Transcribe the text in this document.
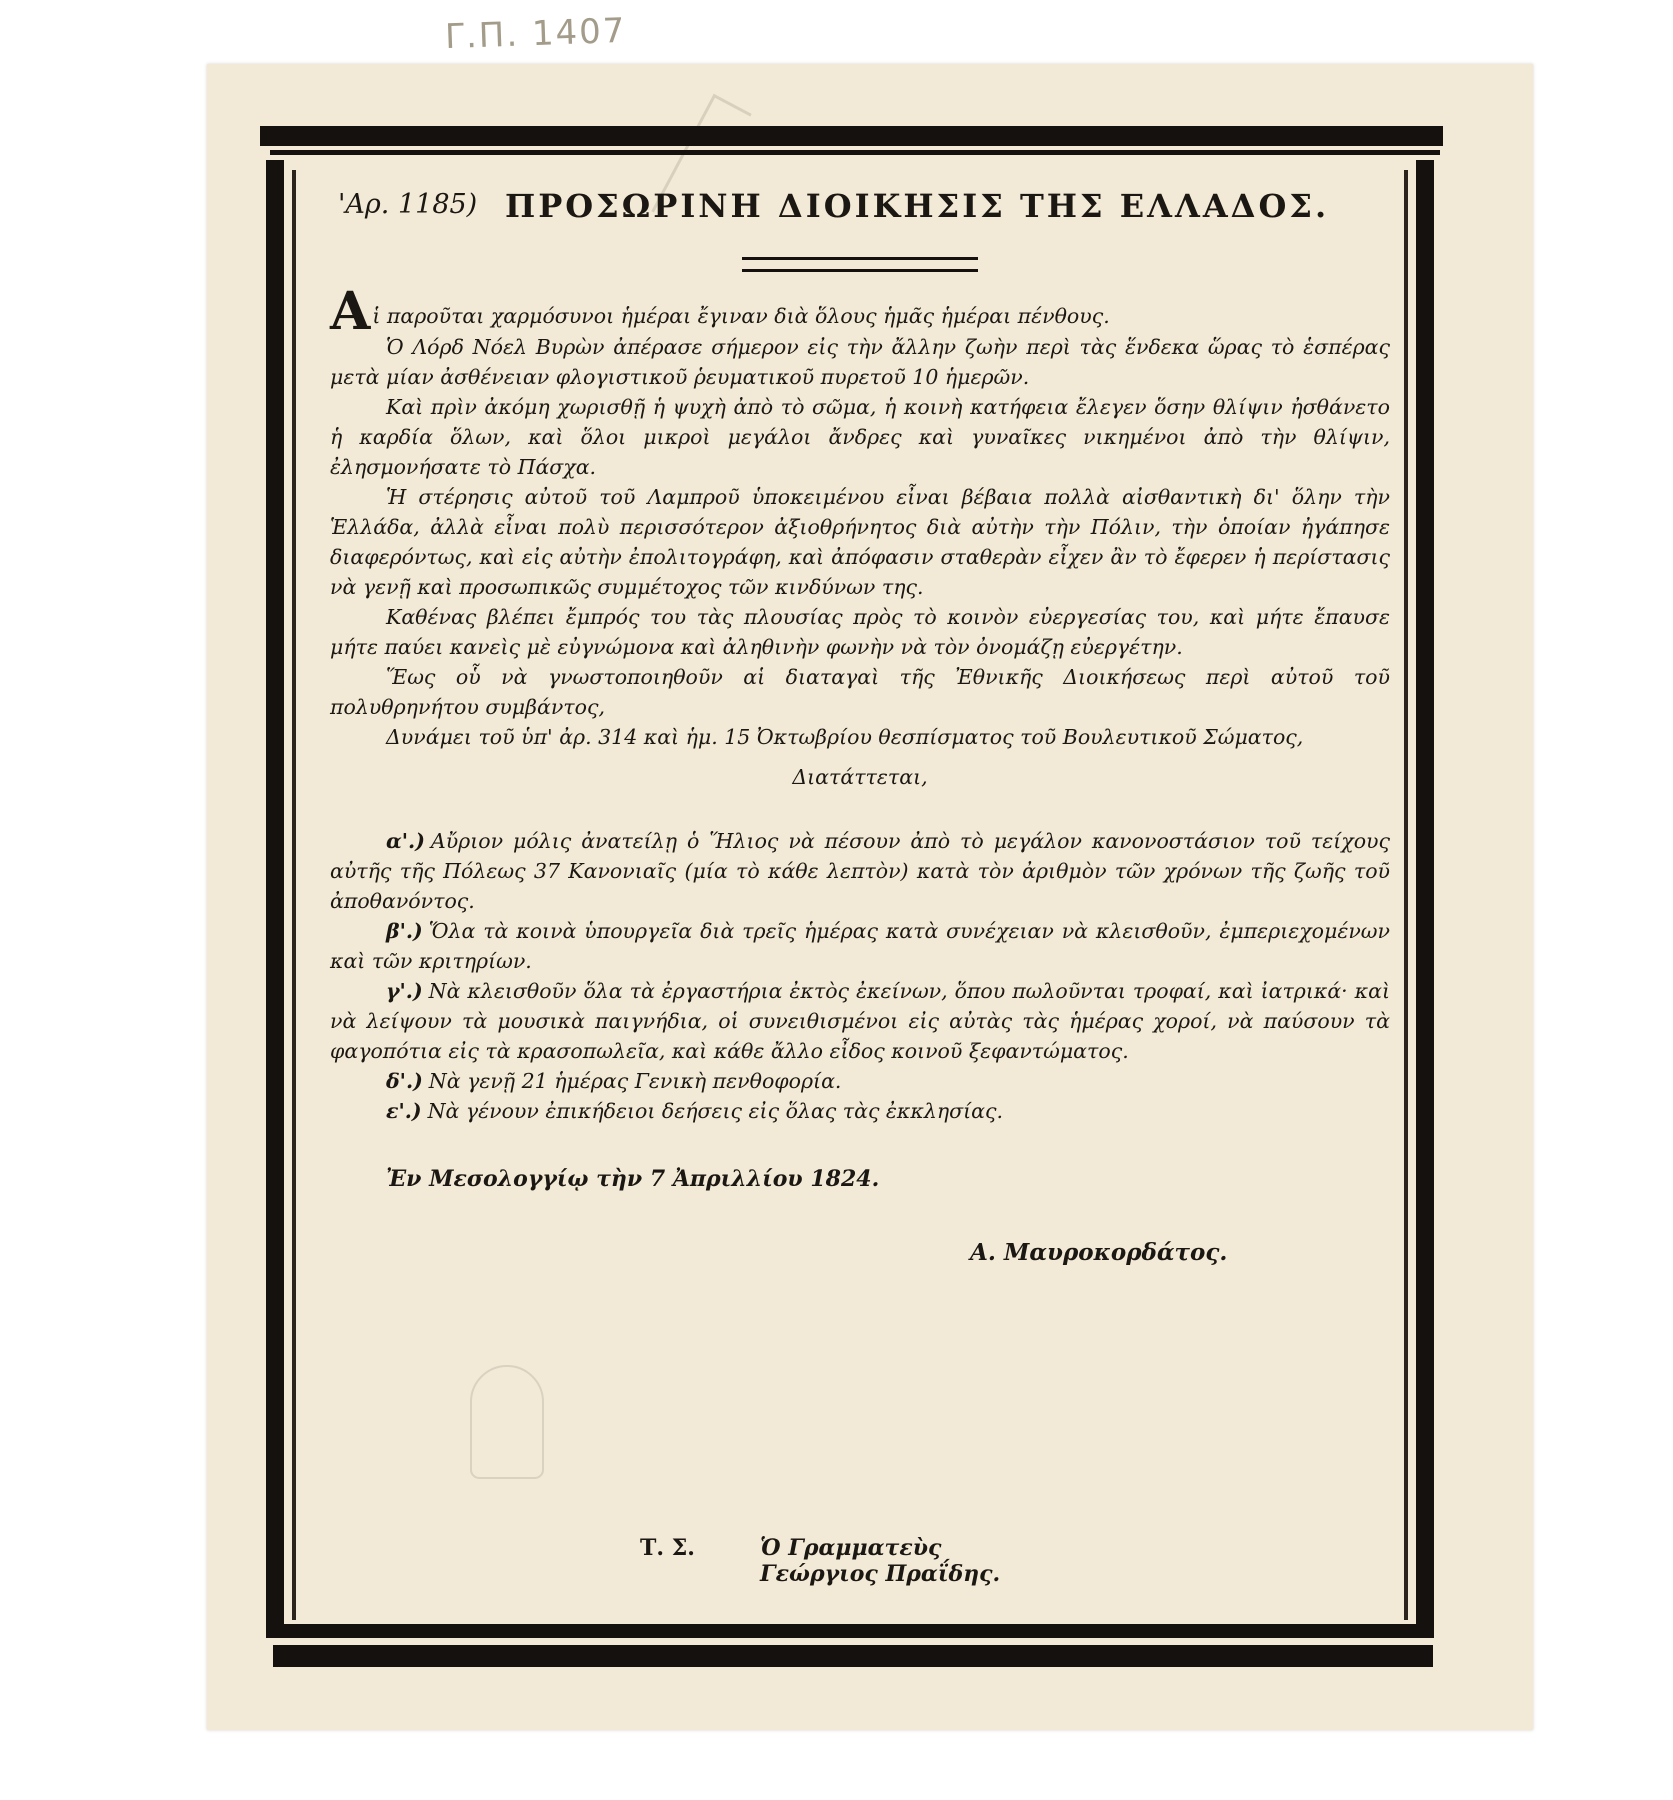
Γ.Π. 1407
'Αρ. 1185) ΠΡΟΣΩΡΙΝΗ ΔΙΟΙΚΗΣΙΣ ΤΗΣ ΕΛΛΑΔΟΣ.

Αἱ παροῦται χαρμόσυνοι ἡμέραι ἔγιναν διὰ ὅλους ἡμᾶς ἡμέραι πένθους.

Ὁ Λόρδ Νόελ Βυρὼν ἀπέρασε σήμερον εἰς τὴν ἄλλην ζωὴν περὶ τὰς ἕνδεκα ὥρας τὸ ἑσπέρας μετὰ μίαν ἀσθένειαν φλογιστικοῦ ῥευματικοῦ πυρετοῦ 10 ἡμερῶν.

Καὶ πρὶν ἀκόμη χωρισθῇ ἡ ψυχὴ ἀπὸ τὸ σῶμα, ἡ κοινὴ κατήφεια ἔλεγεν ὅσην θλίψιν ἠσθάνετο ἡ καρδία ὅλων, καὶ ὅλοι μικροὶ μεγάλοι ἄνδρες καὶ γυναῖκες νικημένοι ἀπὸ τὴν θλίψιν, ἐλησμονήσατε τὸ Πάσχα.

Ἡ στέρησις αὐτοῦ τοῦ Λαμπροῦ ὑποκειμένου εἶναι βέβαια πολλὰ αἰσθαντικὴ δι' ὅλην τὴν Ἑλλάδα, ἀλλὰ εἶναι πολὺ περισσότερον ἀξιοθρήνητος διὰ αὐτὴν τὴν Πόλιν, τὴν ὁποίαν ἠγάπησε διαφερόντως, καὶ εἰς αὐτὴν ἐπολιτογράφη, καὶ ἀπόφασιν σταθερὰν εἶχεν ἂν τὸ ἔφερεν ἡ περίστασις νὰ γενῇ καὶ προσωπικῶς συμμέτοχος τῶν κινδύνων της.

Καθένας βλέπει ἔμπρός του τὰς πλουσίας πρὸς τὸ κοινὸν εὐεργεσίας του, καὶ μήτε ἔπαυσε μήτε παύει κανεὶς μὲ εὐγνώμονα καὶ ἀληθινὴν φωνὴν νὰ τὸν ὀνομάζῃ εὐεργέτην.

Ἕως οὗ νὰ γνωστοποιηθοῦν αἱ διαταγαὶ τῆς Ἐθνικῆς Διοικήσεως περὶ αὐτοῦ τοῦ πολυθρηνήτου συμβάντος,

Δυνάμει τοῦ ὑπ' ἀρ. 314 καὶ ἡμ. 15 Ὀκτωβρίου θεσπίσματος τοῦ Βουλευτικοῦ Σώματος,

Διατάττεται,

α'.) Αὔριον μόλις ἀνατείλῃ ὁ Ἥλιος νὰ πέσουν ἀπὸ τὸ μεγάλον κανονοστάσιον τοῦ τείχους αὐτῆς τῆς Πόλεως 37 Κανονιαῖς (μία τὸ κάθε λεπτὸν) κατὰ τὸν ἀριθμὸν τῶν χρόνων τῆς ζωῆς τοῦ ἀποθανόντος.

β'.) Ὅλα τὰ κοινὰ ὑπουργεῖα διὰ τρεῖς ἡμέρας κατὰ συνέχειαν νὰ κλεισθοῦν, ἐμπεριεχομένων καὶ τῶν κριτηρίων.

γ'.) Νὰ κλεισθοῦν ὅλα τὰ ἐργαστήρια ἐκτὸς ἐκείνων, ὅπου πωλοῦνται τροφαί, καὶ ἰατρικά· καὶ νὰ λείψουν τὰ μουσικὰ παιγνήδια, οἱ συνειθισμένοι εἰς αὐτὰς τὰς ἡμέρας χοροί, νὰ παύσουν τὰ φαγοπότια εἰς τὰ κρασοπωλεῖα, καὶ κάθε ἄλλο εἶδος κοινοῦ ξεφαντώματος.

δ'.) Νὰ γενῇ 21 ἡμέρας Γενικὴ πενθοφορία.

ε'.) Νὰ γένουν ἐπικήδειοι δεήσεις εἰς ὅλας τὰς ἐκκλησίας.

Ἐν Μεσολογγίῳ τὴν 7 Ἀπριλλίου 1824.
Α. Μαυροκορδάτος.
Τ. Σ.	Ὁ Γραμματεὺς
Γεώργιος Πραΐδης.
